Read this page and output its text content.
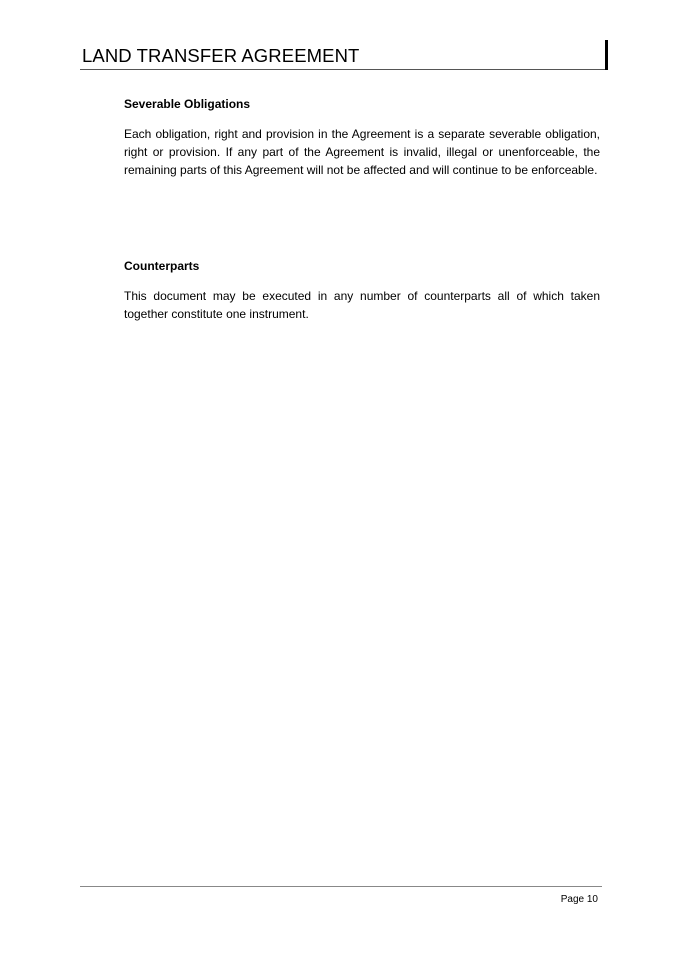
LAND TRANSFER AGREEMENT
Severable Obligations

Each obligation, right and provision in the Agreement is a separate severable obligation, right or provision. If any part of the Agreement is invalid, illegal or unenforceable, the remaining parts of this Agreement will not be affected and will continue to be enforceable.

Counterparts

This document may be executed in any number of counterparts all of which taken together constitute one instrument.

Page 10
